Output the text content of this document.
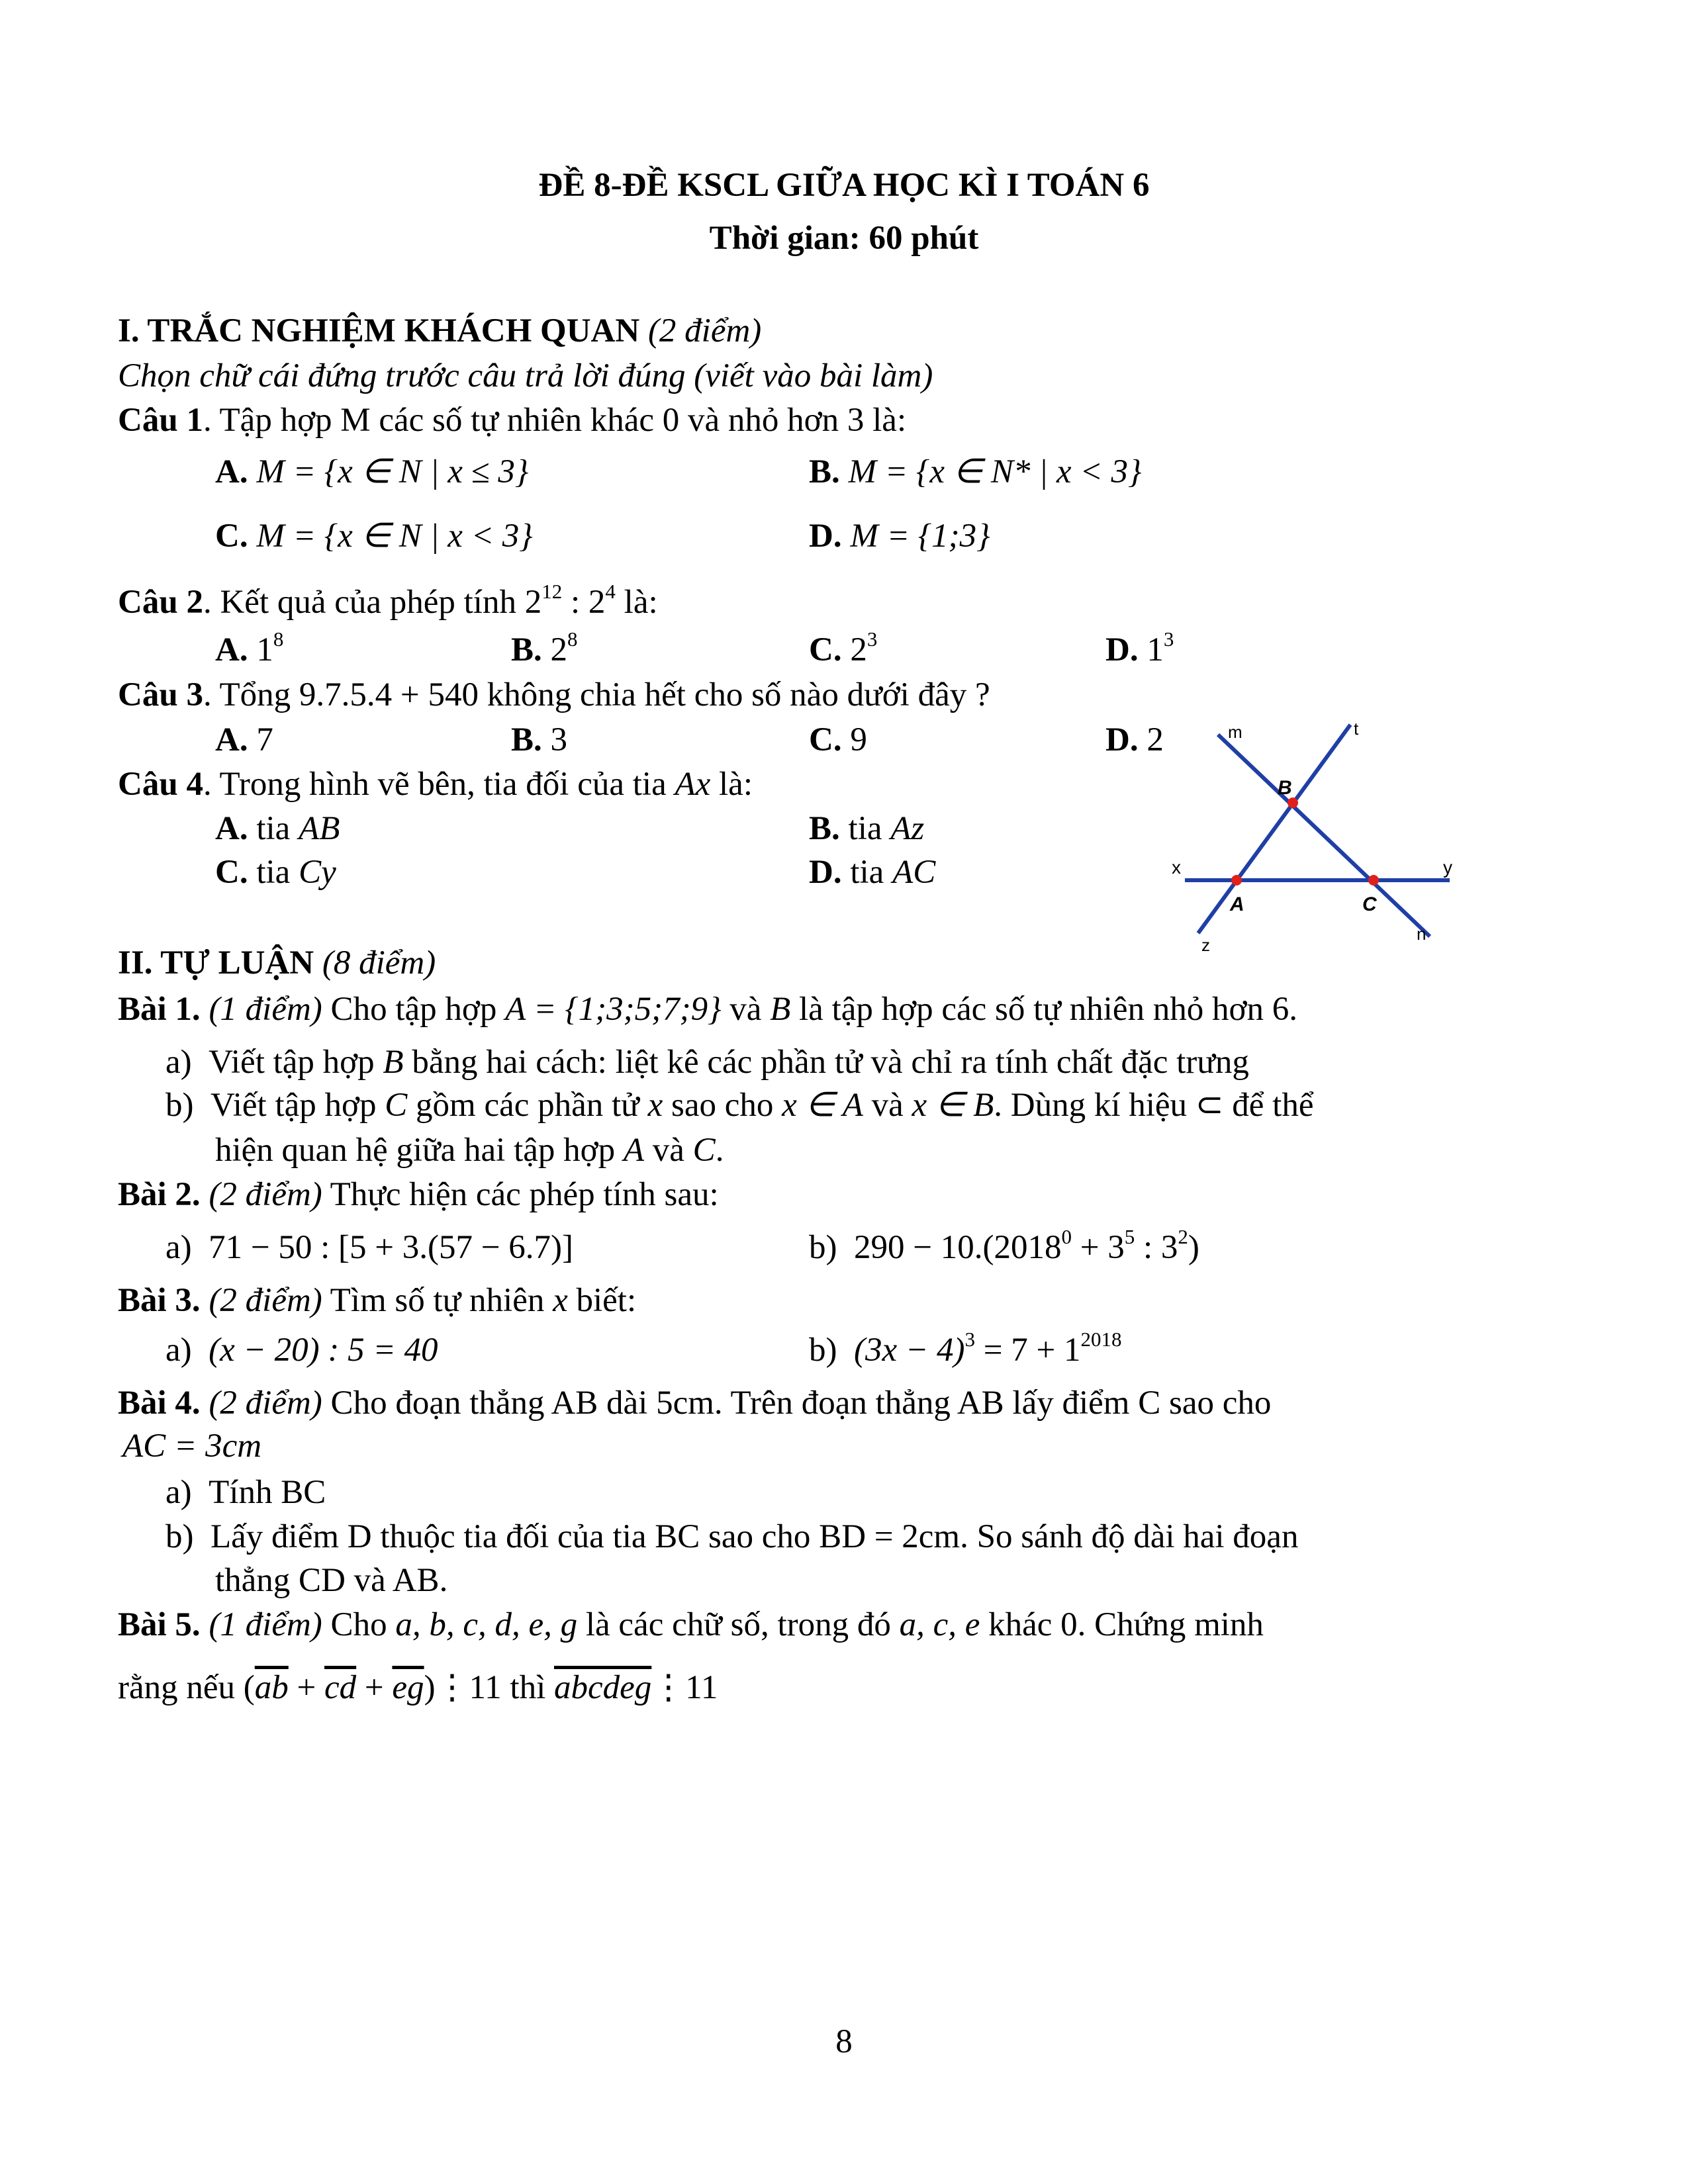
ĐỀ 8-ĐỀ KSCL GIỮA HỌC KÌ I TOÁN 6
Thời gian: 60 phút
I. TRẮC NGHIỆM KHÁCH QUAN (2 điểm)
Chọn chữ cái đứng trước câu trả lời đúng (viết vào bài làm)
Câu 1. Tập hợp M các số tự nhiên khác 0 và nhỏ hơn 3 là:
A. M = {x ∈ N | x ≤ 3}	B. M = {x ∈ N* | x < 3}
C. M = {x ∈ N | x < 3}	D. M = {1;3}
Câu 2. Kết quả của phép tính $2^{12}$ : $2^4$ là:
A. $1^8$	B. $2^8$	C. $2^3$	D. $1^3$
Câu 3. Tổng 9.7.5.4 + 540 không chia hết cho số nào dưới đây ?
A. 7	B. 3	C. 9	D. 2
Câu 4. Trong hình vẽ bên, tia đối của tia Ax là:
A. tia AB	B. tia Az
C. tia Cy	D. tia AC
m	t
x	y
z
n
A
B
C
II. TỰ LUẬN (8 điểm)
Bài 1. (1 điểm) Cho tập hợp A = {1;3;5;7;9} và B là tập hợp các số tự nhiên nhỏ hơn 6.
a) Viết tập hợp B bằng hai cách: liệt kê các phần tử và chỉ ra tính chất đặc trưng
b) Viết tập hợp C gồm các phần tử x sao cho x ∈ A và x ∈ B. Dùng kí hiệu ⊂ để thể
hiện quan hệ giữa hai tập hợp A và C.
Bài 2. (2 điểm) Thực hiện các phép tính sau:
a) 71 − 50 : [5 + 3.(57 − 6.7)]	b) $290 - 10.(2018^0 + 3^5$ : $3^2$)
Bài 3. (2 điểm) Tìm số tự nhiên x biết:
a) (x − 20) : 5 = 40	b) $(3x - 4)^3 = 7 + 1^{2018}$
Bài 4. (2 điểm) Cho đoạn thẳng AB dài 5cm. Trên đoạn thẳng AB lấy điểm C sao cho
AC = 3cm
a) Tính BC
b) Lấy điểm D thuộc tia đối của tia BC sao cho BD = 2cm. So sánh độ dài hai đoạn
thẳng CD và AB.
Bài 5. (1 điểm) Cho a, b, c, d, e, g là các chữ số, trong đó a, c, e khác 0. Chứng minh
rằng nếu ($\overline{ab} + \overline{cd}$ + $\overline{eg})⋮11$ thì abcdeg⋮11
8
